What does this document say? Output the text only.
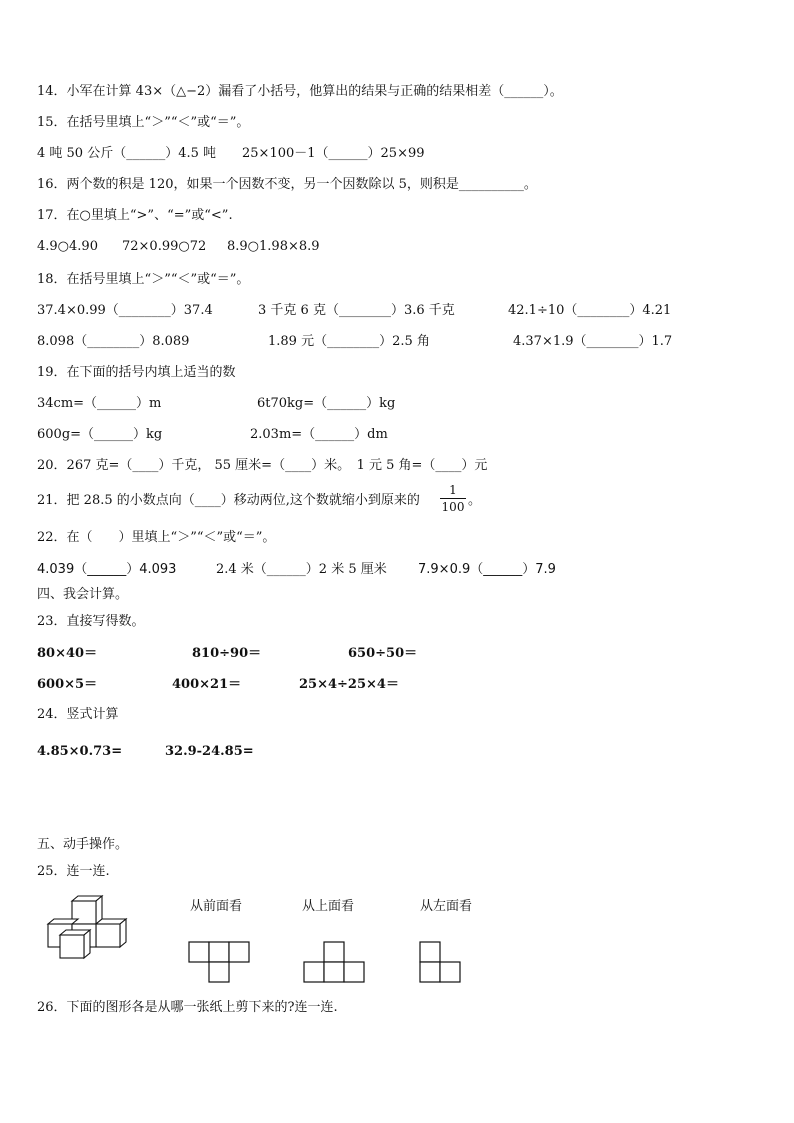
14．小军在计算 43×（△−2）漏看了小括号，他算出的结果与正确的结果相差（______）。
15．在括号里填上“＞”“＜”或“＝”。
4 吨 50 公斤（______）4.5 吨　　25×100－1（______）25×99
16．两个数的积是 120，如果一个因数不变，另一个因数除以 5，则积是__________。
17．在○里填上“>”、“=”或“<”.
4.9○4.90 72×0.99○72 8.9○1.98×8.9
18．在括号里填上“＞”“＜”或“＝”。
37.4×0.99（________）37.4	3 千克 6 克（________）3.6 千克	42.1÷10（________）4.21
8.098（________）8.089	1.89 元（________）2.5 角	4.37×1.9（________）1.7
19．在下面的括号内填上适当的数
34cm=（______）m	6t70kg=（______）kg
600g=（______）kg	2.03m=（______）dm
20．267 克=（____）千克， 55 厘米=（____）米。　1 元 5 角=（____）元
21．把 28.5 的小数点向（____）移动两位,这个数就缩小到原来的
1
100 。
22．在（　　）里填上“＞”“＜”或“＝”。
4.039（______）4.093	2.4 米（______）2 米 5 厘米 7.9×0.9（______）7.9
四、我会计算。
23．直接写得数。
80×40＝	810÷90＝	650÷50＝
600×5＝	400×21＝	25×4÷25×4＝
24．竖式计算
4.85×0.73=	32.9-24.85=
五、动手操作。
25．连一连.
从前面看	从上面看	从左面看
26．下面的图形各是从哪一张纸上剪下来的?连一连.
